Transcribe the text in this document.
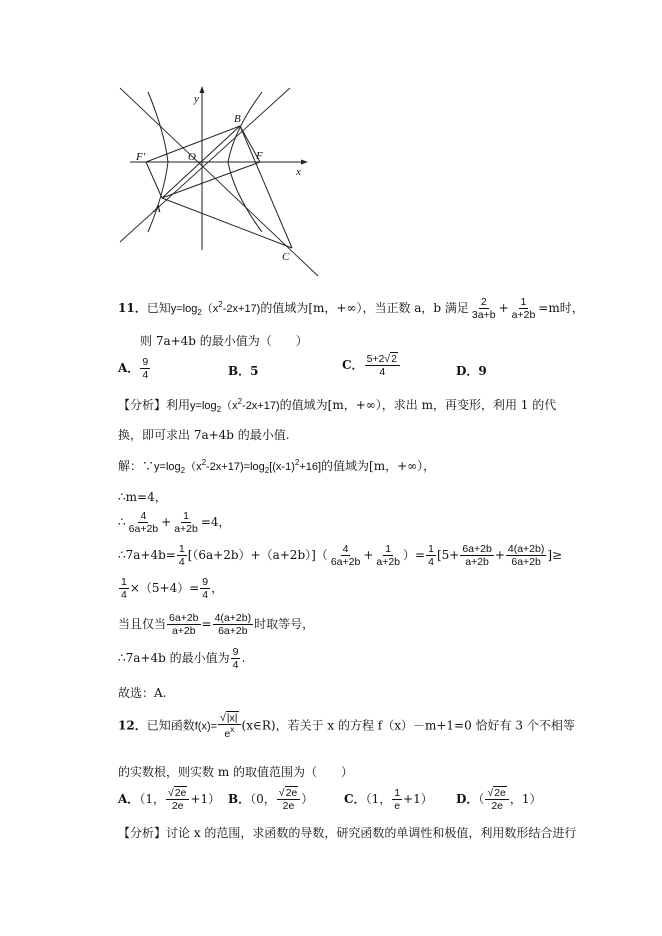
y
x
O
F'	F
A
B
C
11．已知$y=\log_2(x^2-2x+17)$的值域为[m，+∞），当正数 a，b 满足 $\frac{2}{3a+b} + \frac{1}{a+2b} =m$时，
则 7a+4b 的最小值为（　　）
A． $\frac{9}{4}$	B．5	C． $\frac{5+2√2}{4}$	D．9
【分析】利用$y=\log_2(x^2-2x+17)$的值域为[m，+∞），求出 m，再变形，利用 1 的代
换，即可求出 7a+4b 的最小值.
解：$\because y=\log_2(x^2-2x+17)=\log_2[(x-1)^2+16]$的值域为[m，+∞），
∴m=4，
∴ $\frac{4}{6a+2b} + \frac{1}{a+2b} =4$，
∴7a+4b= $\frac{1}{4} [(6a+2b)+(a+2b)]( \frac{4}{6a+2b} + \frac{1}{a+2b}$ ）= $\frac{1}{4} [5+ \frac{6a+2b}{a+2b} + \frac{4(a+2b)}{6a+2b}$ ]≥
$\frac{1}{4} \times(5+4)= \frac{9}{4}$ ，
当且仅当 $\frac{6a+2b}{a+2b} = \frac{4(a+2b)}{6a+2b}$ 时取等号，
∴7a+4b 的最小值为 $\frac{9}{4}$ .
故选：A.
12．已知函数$f(x)= \frac{√|x|}{e^x}$ (x∈R)，若关于 x 的方程 f（x）－m+1=0 恰好有 3 个不相等
的实数根，则实数 m 的取值范围为（　　）
A．（1， $\frac{√2e}{2e} +1$） B．（0， $\frac{√2e}{2e}$ ）	C．（1， $\frac{1}{e} +1$） D．（ $\frac{√2e}{2e}$ ，1）
【分析】讨论 x 的范围，求函数的导数，研究函数的单调性和极值，利用数形结合进行
